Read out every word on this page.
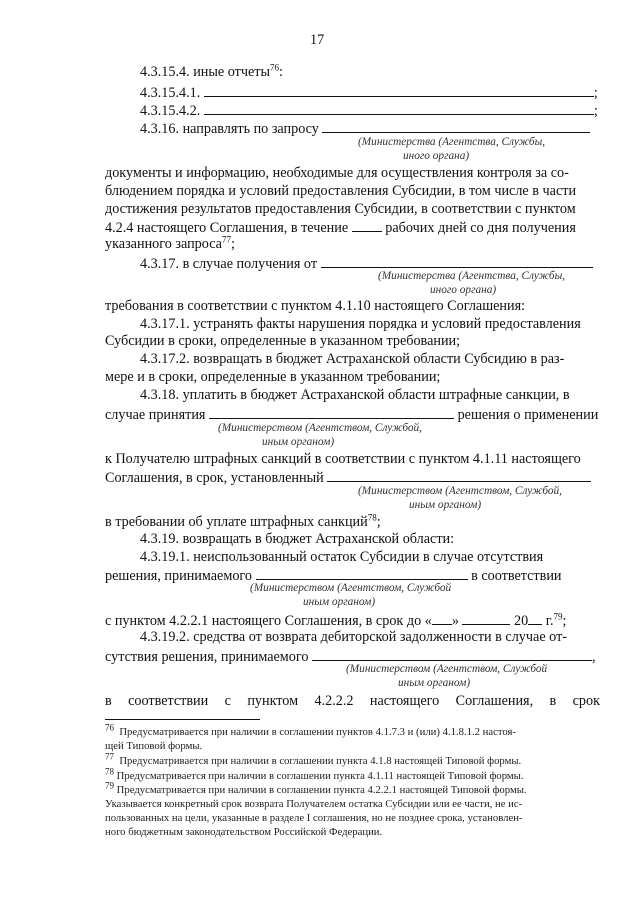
17
4.3.15.4. иные отчеты$^{76}$:
4.3.15.4.1.	;
4.3.15.4.2.	;
4.3.16. направлять по запросу
(Министерства (Агентства, Службы,
иного органа)
документы и информацию, необходимые для осуществления контроля за со-
блюдением порядка и условий предоставления Субсидии, в том числе в части
достижения результатов предоставления Субсидии, в соответствии с пунктом
4.2.4 настоящего Соглашения, в течение	рабочих дней со дня получения
указанного запроса$^{77}$;
4.3.17. в случае получения от
(Министерства (Агентства, Службы,
иного органа)
требования в соответствии с пунктом 4.1.10 настоящего Соглашения:
4.3.17.1. устранять факты нарушения порядка и условий предоставления
Субсидии в сроки, определенные в указанном требовании;
4.3.17.2. возвращать в бюджет Астраханской области Субсидию в раз-
мере и в сроки, определенные в указанном требовании;
4.3.18. уплатить в бюджет Астраханской области штрафные санкции, в
случае принятия	решения о применении
(Министерством (Агентством, Службой,
иным органом)
к Получателю штрафных санкций в соответствии с пунктом 4.1.11 настоящего
Соглашения, в срок, установленный
(Министерством (Агентством, Службой,
иным органом)
в требовании об уплате штрафных санкций$^{78}$;
4.3.19. возвращать в бюджет Астраханской области:
4.3.19.1. неиспользованный остаток Субсидии в случае отсутствия
решения, принимаемого	в соответствии
(Министерством (Агентством, Службой
иным органом)
с пунктом 4.2.2.1 настоящего Соглашения, в срок до « »	20 г.$^{79}$;
4.3.19.2. средства от возврата дебиторской задолженности в случае от-
сутствия решения, принимаемого	,
(Министерством (Агентством, Службой
иным органом)
в соответствии с пунктом 4.2.2.2 настоящего Соглашения, в срок
$^{76}$ Предусматривается при наличии в соглашении пунктов 4.1.7.3 и (или) 4.1.8.1.2 настоя-
щей Типовой формы.
$^{77}$ Предусматривается при наличии в соглашении пункта 4.1.8 настоящей Типовой формы.
$^{78}$ Предусматривается при наличии в соглашении пункта 4.1.11 настоящей Типовой формы.
$^{79}$ Предусматривается при наличии в соглашении пункта 4.2.2.1 настоящей Типовой формы.
Указывается конкретный срок возврата Получателем остатка Субсидии или ее части, не ис-
пользованных на цели, указанные в разделе I соглашения, но не позднее срока, установлен-
ного бюджетным законодательством Российской Федерации.
